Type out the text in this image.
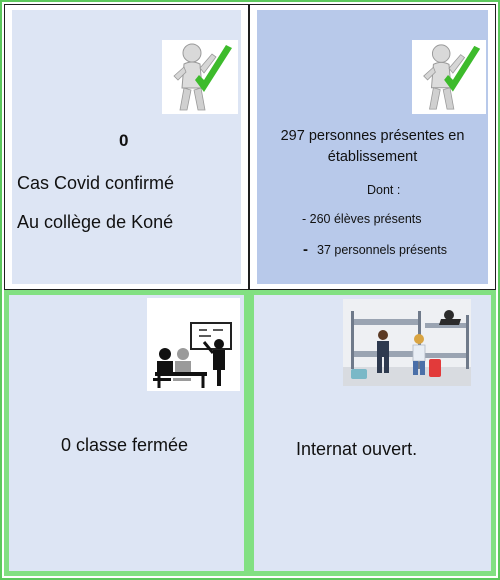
0
Cas Covid confirmé
Au collège de Koné
297 personnes présentes en
établissement
Dont :
- 260 élèves présents
- 37 personnels présents
0 classe fermée	Internat ouvert.
